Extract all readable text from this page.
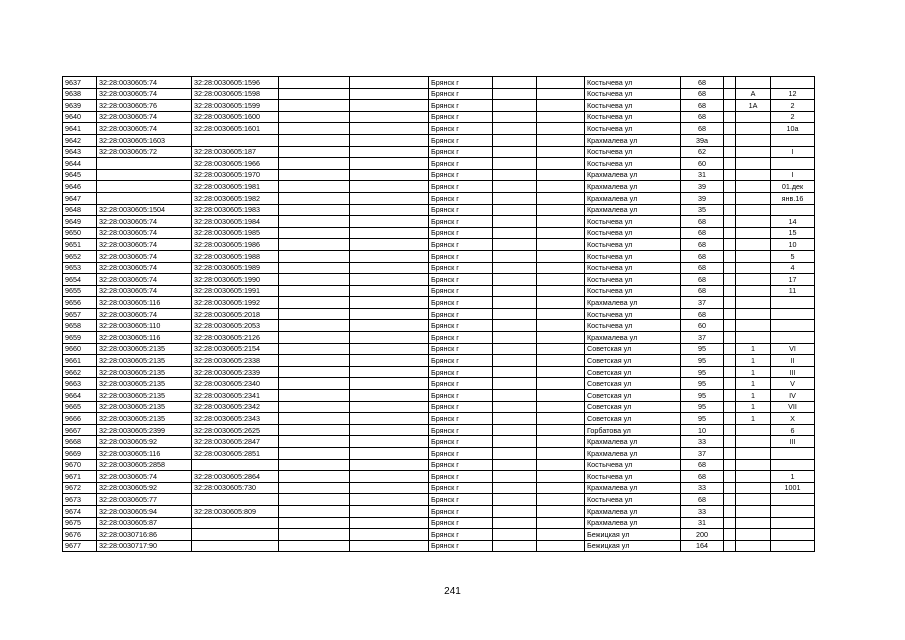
9637	32:28:0030605:74	32:28:0030605:1596			Брянск г			Костычева ул	68			
9638	32:28:0030605:74	32:28:0030605:1598			Брянск г			Костычева ул	68		А	12
9639	32:28:0030605:76	32:28:0030605:1599			Брянск г			Костычева ул	68		1А	2
9640	32:28:0030605:74	32:28:0030605:1600			Брянск г			Костычева ул	68			2
9641	32:28:0030605:74	32:28:0030605:1601			Брянск г			Костычева ул	68			10а
9642	32:28:0030605:1603				Брянск г			Крахмалева ул	39а			
9643	32:28:0030605:72	32:28:0030605:187			Брянск г			Костычева ул	62			I
9644		32:28:0030605:1966			Брянск г			Костычева ул	60			
9645		32:28:0030605:1970			Брянск г			Крахмалева ул	31			I
9646		32:28:0030605:1981			Брянск г			Крахмалева ул	39			01.дек
9647		32:28:0030605:1982			Брянск г			Крахмалева ул	39			янв.16
9648	32:28:0030605:1504	32:28:0030605:1983			Брянск г			Крахмалева ул	35			
9649	32:28:0030605:74	32:28:0030605:1984			Брянск г			Костычева ул	68			14
9650	32:28:0030605:74	32:28:0030605:1985			Брянск г			Костычева ул	68			15
9651	32:28:0030605:74	32:28:0030605:1986			Брянск г			Костычева ул	68			10
9652	32:28:0030605:74	32:28:0030605:1988			Брянск г			Костычева ул	68			5
9653	32:28:0030605:74	32:28:0030605:1989			Брянск г			Костычева ул	68			4
9654	32:28:0030605:74	32:28:0030605:1990			Брянск г			Костычева ул	68			17
9655	32:28:0030605:74	32:28:0030605:1991			Брянск г			Костычева ул	68			11
9656	32:28:0030605:116	32:28:0030605:1992			Брянск г			Крахмалева ул	37			
9657	32:28:0030605:74	32:28:0030605:2018			Брянск г			Костычева ул	68			
9658	32:28:0030605:110	32:28:0030605:2053			Брянск г			Костычева ул	60			
9659	32:28:0030605:116	32:28:0030605:2126			Брянск г			Крахмалева ул	37			
9660	32:28:0030605:2135	32:28:0030605:2154			Брянск г			Советская ул	95		1	VI
9661	32:28:0030605:2135	32:28:0030605:2338			Брянск г			Советская ул	95		1	II
9662	32:28:0030605:2135	32:28:0030605:2339			Брянск г			Советская ул	95		1	III
9663	32:28:0030605:2135	32:28:0030605:2340			Брянск г			Советская ул	95		1	V
9664	32:28:0030605:2135	32:28:0030605:2341			Брянск г			Советская ул	95		1	IV
9665	32:28:0030605:2135	32:28:0030605:2342			Брянск г			Советская ул	95		1	VII
9666	32:28:0030605:2135	32:28:0030605:2343			Брянск г			Советская ул	95		1	X
9667	32:28:0030605:2399	32:28:0030605:2625			Брянск г			Горбатова ул	10			6
9668	32:28:0030605:92	32:28:0030605:2847			Брянск г			Крахмалева ул	33			III
9669	32:28:0030605:116	32:28:0030605:2851			Брянск г			Крахмалева ул	37			
9670	32:28:0030605:2858				Брянск г			Костычева ул	68			
9671	32:28:0030605:74	32:28:0030605:2864			Брянск г			Костычева ул	68			1
9672	32:28:0030605:92	32:28:0030605:730			Брянск г			Крахмалева ул	33			1001
9673	32:28:0030605:77				Брянск г			Костычева ул	68			
9674	32:28:0030605:94	32:28:0030605:809			Брянск г			Крахмалева ул	33			
9675	32:28:0030605:87				Брянск г			Крахмалева ул	31			
9676	32:28:0030716:86				Брянск г			Бежицкая ул	200			
9677	32:28:0030717:90				Брянск г			Бежицкая ул	164			
241
